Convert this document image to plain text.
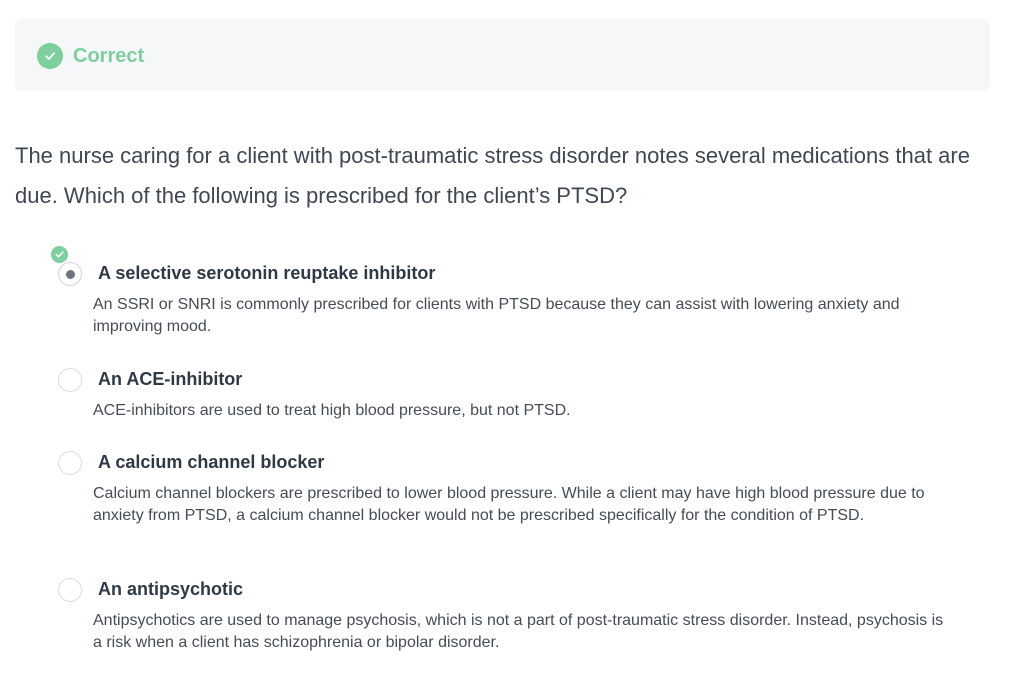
Correct

The nurse caring for a client with post-traumatic stress disorder notes several medications that are due. Which of the following is prescribed for the client’s PTSD?

A selective serotonin reuptake inhibitor

An SSRI or SNRI is commonly prescribed for clients with PTSD because they can assist with lowering anxiety and improving mood.

An ACE-inhibitor

ACE-inhibitors are used to treat high blood pressure, but not PTSD.

A calcium channel blocker

Calcium channel blockers are prescribed to lower blood pressure. While a client may have high blood pressure due to anxiety from PTSD, a calcium channel blocker would not be prescribed specifically for the condition of PTSD.

An antipsychotic

Antipsychotics are used to manage psychosis, which is not a part of post-traumatic stress disorder. Instead, psychosis is a risk when a client has schizophrenia or bipolar disorder.
